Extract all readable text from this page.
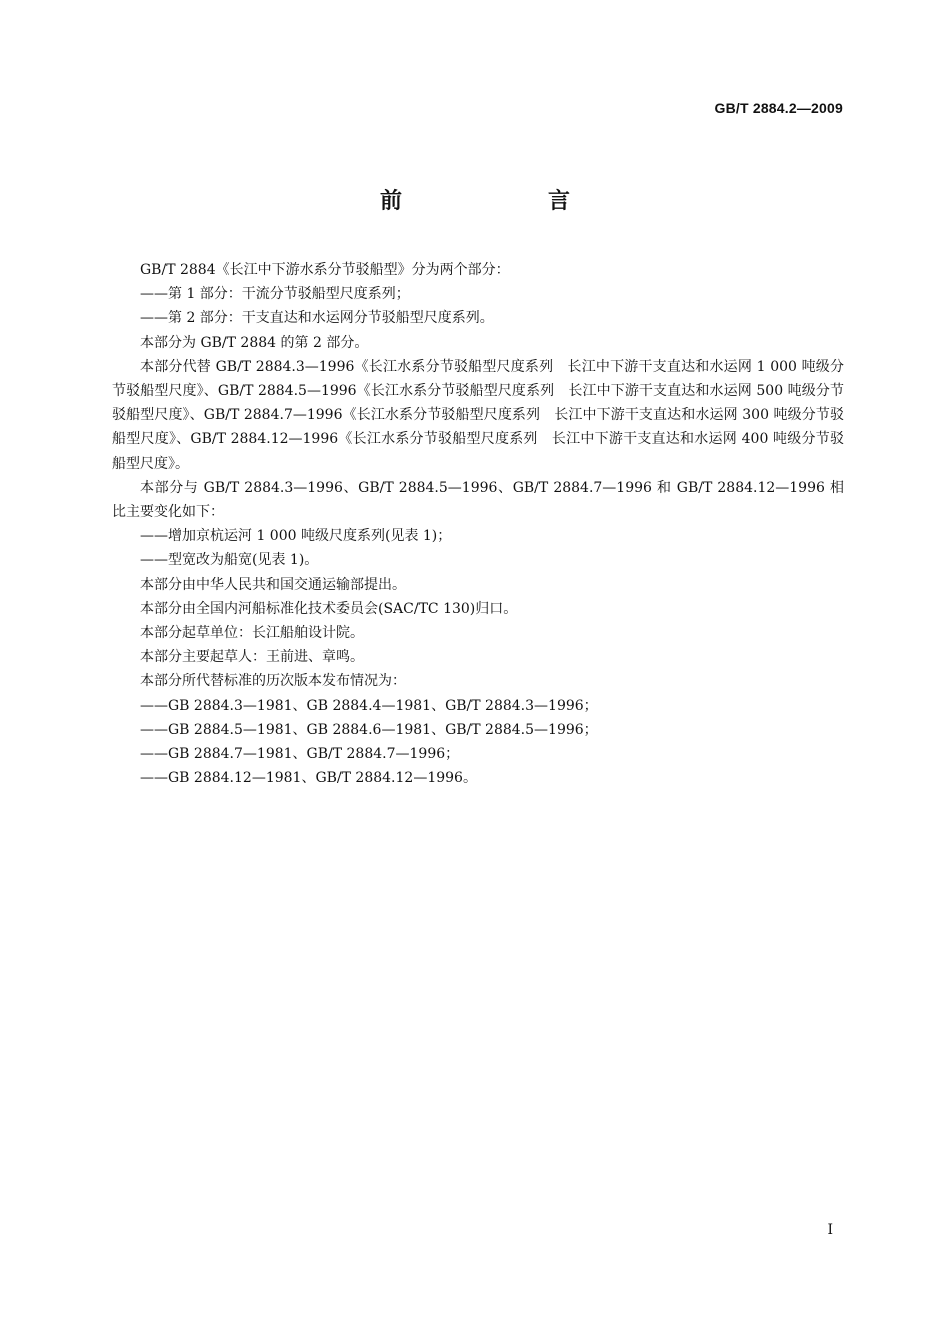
GB/T 2884.2—2009
前　言

GB/T 2884《长江中下游水系分节驳船型》分为两个部分：

——第 1 部分：干流分节驳船型尺度系列；

——第 2 部分：干支直达和水运网分节驳船型尺度系列。

本部分为 GB/T 2884 的第 2 部分。

本部分代替 GB/T 2884.3—1996《长江水系分节驳船型尺度系列　长江中下游干支直达和水运网 1 000 吨级分节驳船型尺度》、GB/T 2884.5—1996《长江水系分节驳船型尺度系列　长江中下游干支直达和水运网 500 吨级分节驳船型尺度》、GB/T 2884.7—1996《长江水系分节驳船型尺度系列　长江中下游干支直达和水运网 300 吨级分节驳船型尺度》、GB/T 2884.12—1996《长江水系分节驳船型尺度系列　长江中下游干支直达和水运网 400 吨级分节驳船型尺度》。

本部分与 GB/T 2884.3—1996、GB/T 2884.5—1996、GB/T 2884.7—1996 和 GB/T 2884.12—1996 相比主要变化如下：

——增加京杭运河 1 000 吨级尺度系列(见表 1)；

——型宽改为船宽(见表 1)。

本部分由中华人民共和国交通运输部提出。

本部分由全国内河船标准化技术委员会(SAC/TC 130)归口。

本部分起草单位：长江船舶设计院。

本部分主要起草人：王前进、章鸣。

本部分所代替标准的历次版本发布情况为：

——GB 2884.3—1981、GB 2884.4—1981、GB/T 2884.3—1996；

——GB 2884.5—1981、GB 2884.6—1981、GB/T 2884.5—1996；

——GB 2884.7—1981、GB/T 2884.7—1996；

——GB 2884.12—1981、GB/T 2884.12—1996。

I
